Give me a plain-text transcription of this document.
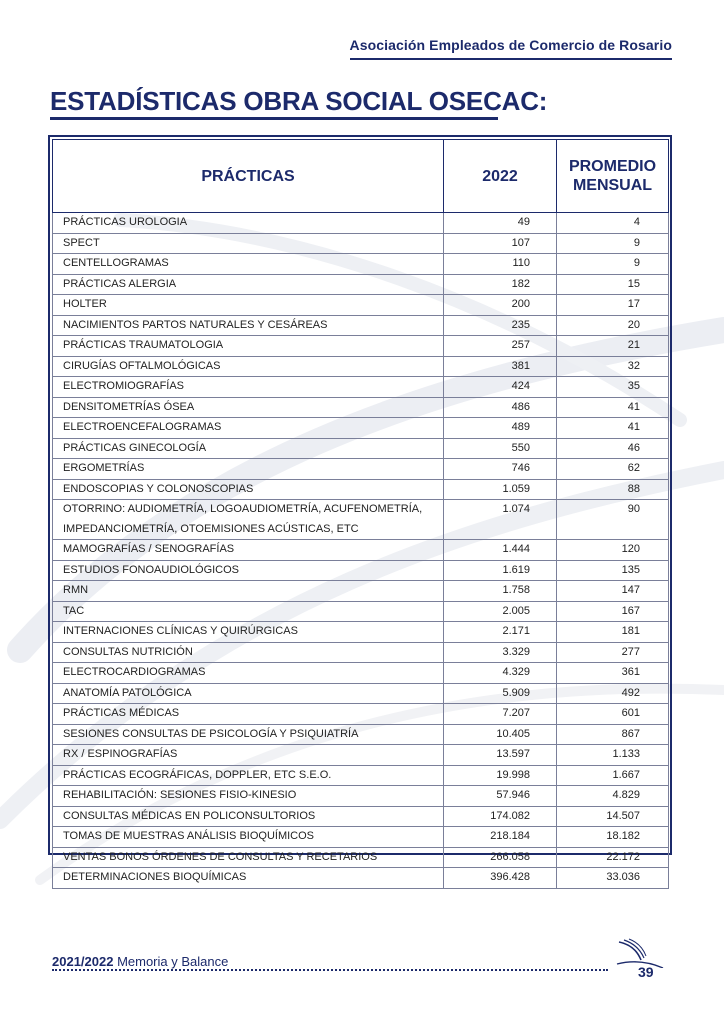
Asociación Empleados de Comercio de Rosario
ESTADÍSTICAS OBRA SOCIAL OSECAC:
PRÁCTICAS	2022	PROMEDIO
MENSUAL
PRÁCTICAS UROLOGIA	49	4
SPECT	107	9
CENTELLOGRAMAS	110	9
PRÁCTICAS ALERGIA	182	15
HOLTER	200	17
NACIMIENTOS PARTOS NATURALES Y CESÁREAS	235	20
PRÁCTICAS TRAUMATOLOGIA	257	21
CIRUGÍAS OFTALMOLÓGICAS	381	32
ELECTROMIOGRAFÍAS	424	35
DENSITOMETRÍAS ÓSEA	486	41
ELECTROENCEFALOGRAMAS	489	41
PRÁCTICAS GINECOLOGÍA	550	46
ERGOMETRÍAS	746	62
ENDOSCOPIAS Y COLONOSCOPIAS	1.059	88
OTORRINO: AUDIOMETRÍA, LOGOAUDIOMETRÍA, ACUFENOMETRÍA, IMPEDANCIOMETRÍA, OTOEMISIONES ACÚSTICAS, ETC	1.074	90
MAMOGRAFÍAS / SENOGRAFÍAS	1.444	120
ESTUDIOS FONOAUDIOLÓGICOS	1.619	135
RMN	1.758	147
TAC	2.005	167
INTERNACIONES CLÍNICAS Y QUIRÚRGICAS	2.171	181
CONSULTAS NUTRICIÓN	3.329	277
ELECTROCARDIOGRAMAS	4.329	361
ANATOMÍA PATOLÓGICA	5.909	492
PRÁCTICAS MÉDICAS	7.207	601
SESIONES CONSULTAS DE PSICOLOGÍA Y PSIQUIATRÍA	10.405	867
RX / ESPINOGRAFÍAS	13.597	1.133
PRÁCTICAS ECOGRÁFICAS, DOPPLER, ETC S.E.O.	19.998	1.667
REHABILITACIÓN: SESIONES FISIO-KINESIO	57.946	4.829
CONSULTAS MÉDICAS EN POLICONSULTORIOS	174.082	14.507
TOMAS DE MUESTRAS ANÁLISIS BIOQUÍMICOS	218.184	18.182
VENTAS BONOS ÓRDENES DE CONSULTAS Y RECETARIOS	266.058	22.172
DETERMINACIONES BIOQUÍMICAS	396.428	33.036
2021/2022 Memoria y Balance
39
